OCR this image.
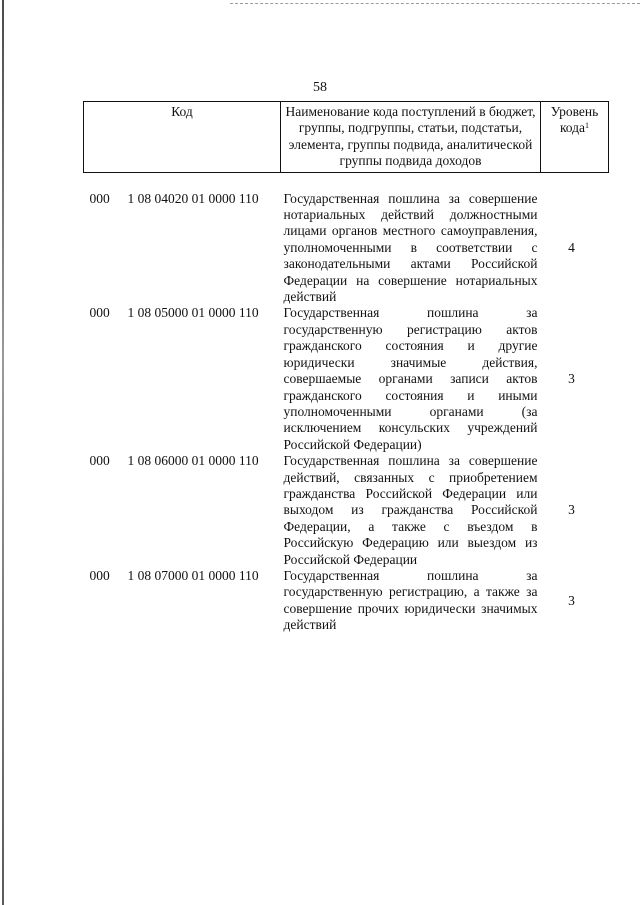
58
Код		Наименование кода поступлений в бюджет, группы, подгруппы, статьи, подстатьи, элемента, группы подвида, аналитической группы подвида доходов	Уровень кода$^1$

000	1 08 04020 01 0000 110	Государственная пошлина за совершение нотариальных действий должностными лицами органов местного самоуправления, уполномоченными в соответствии с законодательными актами Российской Федерации на совершение нотариальных действий	4
000	1 08 05000 01 0000 110	Государственная пошлина за государственную регистрацию актов гражданского состояния и другие юридически значимые действия, совершаемые органами записи актов гражданского состояния и иными уполномоченными органами (за исключением консульских учреждений Российской Федерации)	3
000	1 08 06000 01 0000 110	Государственная пошлина за совершение действий, связанных с приобретением гражданства Российской Федерации или выходом из гражданства Российской Федерации, а также с въездом в Российскую Федерацию или выездом из Российской Федерации	3
000	1 08 07000 01 0000 110	Государственная пошлина за государственную регистрацию, а также за совершение прочих юридически значимых действий	3
